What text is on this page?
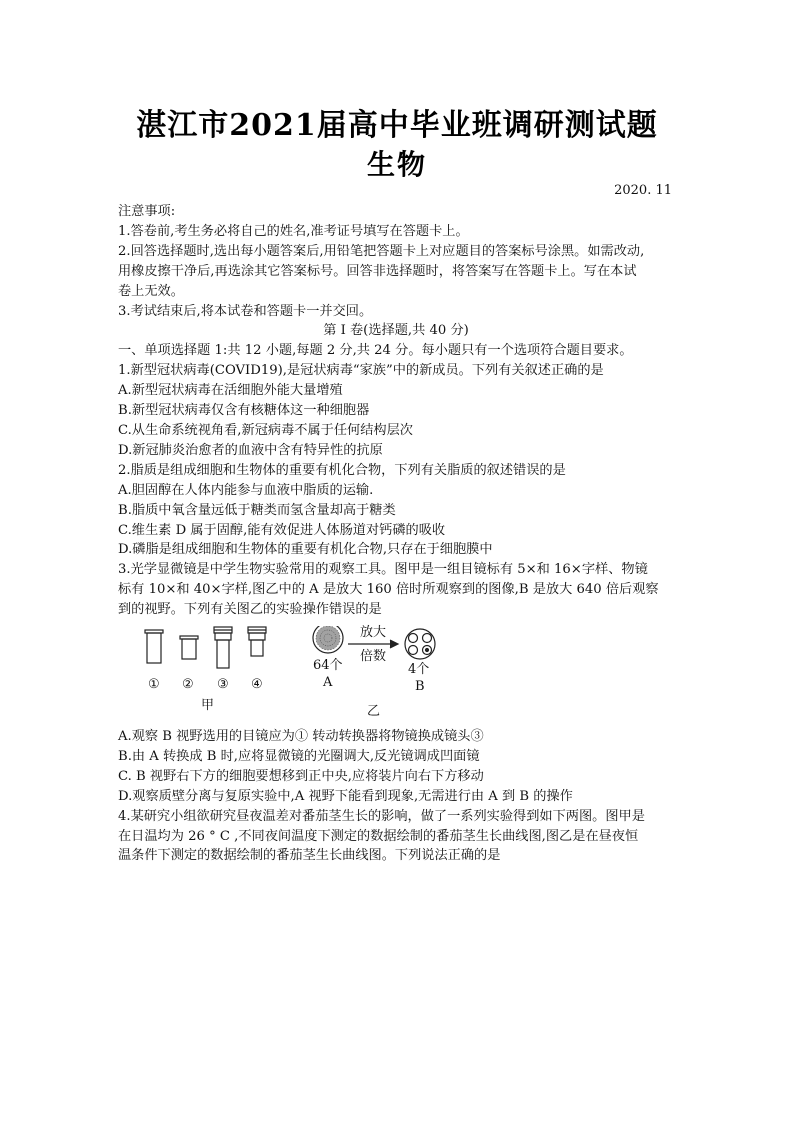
湛江市2021届高中毕业班调研测试题
生物
2020. 11

注意事项:

1.答卷前,考生务必将自己的姓名,准考证号填写在答题卡上。

2.回答选择题时,选出每小题答案后,用铅笔把答题卡上对应题目的答案标号涂黑。如需改动,

用橡皮擦干净后,再选涂其它答案标号。回答非选择题时，将答案写在答题卡上。写在本试

卷上无效。

3.考试结束后,将本试卷和答题卡一并交回。

第 I 卷(选择题,共 40 分)

一、单项选择题 1:共 12 小题,每题 2 分,共 24 分。每小题只有一个选项符合题目要求。

1.新型冠状病毒(COVID19),是冠状病毒“家族”中的新成员。下列有关叙述正确的是

A.新型冠状病毒在活细胞外能大量增殖

B.新型冠状病毒仅含有核糖体这一种细胞器

C.从生命系统视角看,新冠病毒不属于任何结构层次

D.新冠肺炎治愈者的血液中含有特异性的抗原

2.脂质是组成细胞和生物体的重要有机化合物，下列有关脂质的叙述错误的是

A.胆固醇在人体内能参与血液中脂质的运输.

B.脂质中氧含量远低于糖类而氢含量却高于糖类

C.维生素 D 属于固醇,能有效促进人体肠道对钙磷的吸收

D.磷脂是组成细胞和生物体的重要有机化合物,只存在于细胞膜中

3.光学显微镜是中学生物实验常用的观察工具。图甲是一组目镜标有 5×和 16×字样、物镜

标有 10×和 40×字样,图乙中的 A 是放大 160 倍时所观察到的图像,B 是放大 640 倍后观察

到的视野。下列有关图乙的实验操作错误的是

① ② ③ ④
甲
放大
倍数
64个	4个
A	B
乙

A.观察 B 视野选用的目镜应为① 转动转换器将物镜换成镜头③

B.由 A 转换成 B 时,应将显微镜的光圈调大,反光镜调成凹面镜

C. B 视野右下方的细胞要想移到正中央,应将装片向右下方移动

D.观察质壁分离与复原实验中,A 视野下能看到现象,无需进行由 A 到 B 的操作

4.某研究小组欲研究昼夜温差对番茄茎生长的影响，做了一系列实验得到如下两图。图甲是

在日温均为 26 ° C ,不同夜间温度下测定的数据绘制的番茄茎生长曲线图,图乙是在昼夜恒

温条件下测定的数据绘制的番茄茎生长曲线图。下列说法正确的是
